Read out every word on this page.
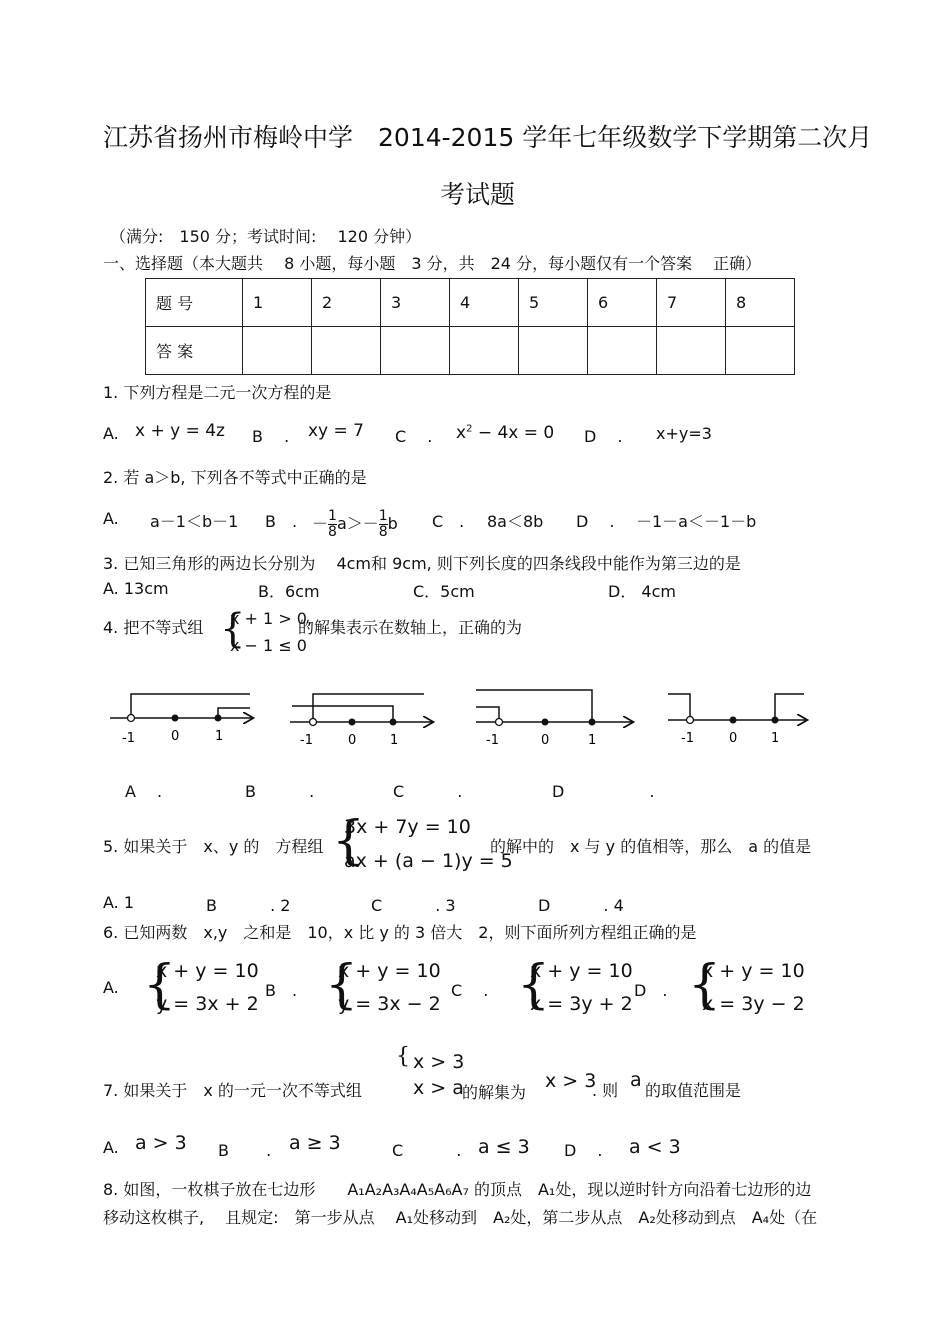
江苏省扬州市梅岭中学　2014-2015 学年七年级数学下学期第二次月
考试题
（满分:　150 分；考试时间:　 120 分钟）
一、选择题（本大题共　 8 小题，每小题　3 分，共　24 分，每小题仅有一个答案　 正确）
题 号	1	2	3	4	5	6	7	8
答 案								
1. 下列方程是二元一次方程的是
A. x + y = 4z B　 . xy = 7 C　 . $x^2 - 4x = 0$ D　 . x+y=3
2. 若 a＞b, 下列各不等式中正确的是
A. a－1＜b－1 B　. － $\frac{1}{8} a>- \frac{1}{8}$ b C　. 8a＜8b D　 . －1－a＜－1－b
3. 已知三角形的两边长分别为　 4cm和 9cm, 则下列长度的四条线段中能作为第三边的是
A. 13cm	B．6cm	C．5cm	D． 4cm
4. 把不等式组 {
x + 1 > 0,
x − 1 ≤ 0
的解集表示在数轴上，正确的为
-1	0	1	-1	0	1	-1	0	1	-1	0	1
A　 .	B　　　 .	C　　　 .	D　　　　　 .
5. 如果关于　x、y 的　方程组 {
3x + 7y = 10
ax + (a − 1)y = 5
的解中的　x 与 y 的值相等，那么　a 的值是
A. 1	B　　　 . 2	C　　　 . 3	D　　　 . 4
6. 已知两数　x,y　之和是　10，x 比 y 的 3 倍大　2，则下面所列方程组正确的是
A. {
x + y = 10
y = 3x + 2
B　. {
x + y = 10
y = 3x − 2
C　 . {
x + y = 10
x = 3y + 2
D　. {
x + y = 10
x = 3y − 2
7. 如果关于　x 的一元一次不等式组
{ x > 3
x > a
的解集为
x > 3
. 则 a 的取值范围是
A. a > 3 B　　 . a ≥ 3	C　　　 . a ≤ 3 D　 . a < 3
8. 如图，一枚棋子放在七边形　　A₁A₂A₃A₄A₅A₆A₇ 的顶点　A₁处，现以逆时针方向沿着七边形的边
移动这枚棋子,　 且规定:　第一步从点　 A₁处移动到　A₂处，第二步从点　A₂处移动到点　A₄处（在
